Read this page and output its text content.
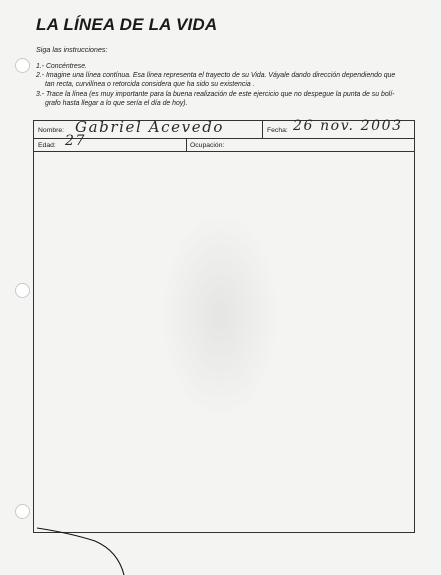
LA LÍNEA DE LA VIDA
Siga las instrucciones:

1.- Concéntrese.

2.- Imagine una línea contínua. Esa línea representa el trayecto de su Vida. Váyale dando dirección dependiendo que

tan recta, curvilínea o retorcida considera que ha sido su existencia .

3.- Trace la línea (es muy importante para la buena realización de este ejercicio que no despegue la punta de su bolí-

grafo hasta llegar a lo que sería el día de hoy).

Nombre: Gabriel Acevedo	Fecha: 26 nov. 2003
Edad: 27	Ocupación:
